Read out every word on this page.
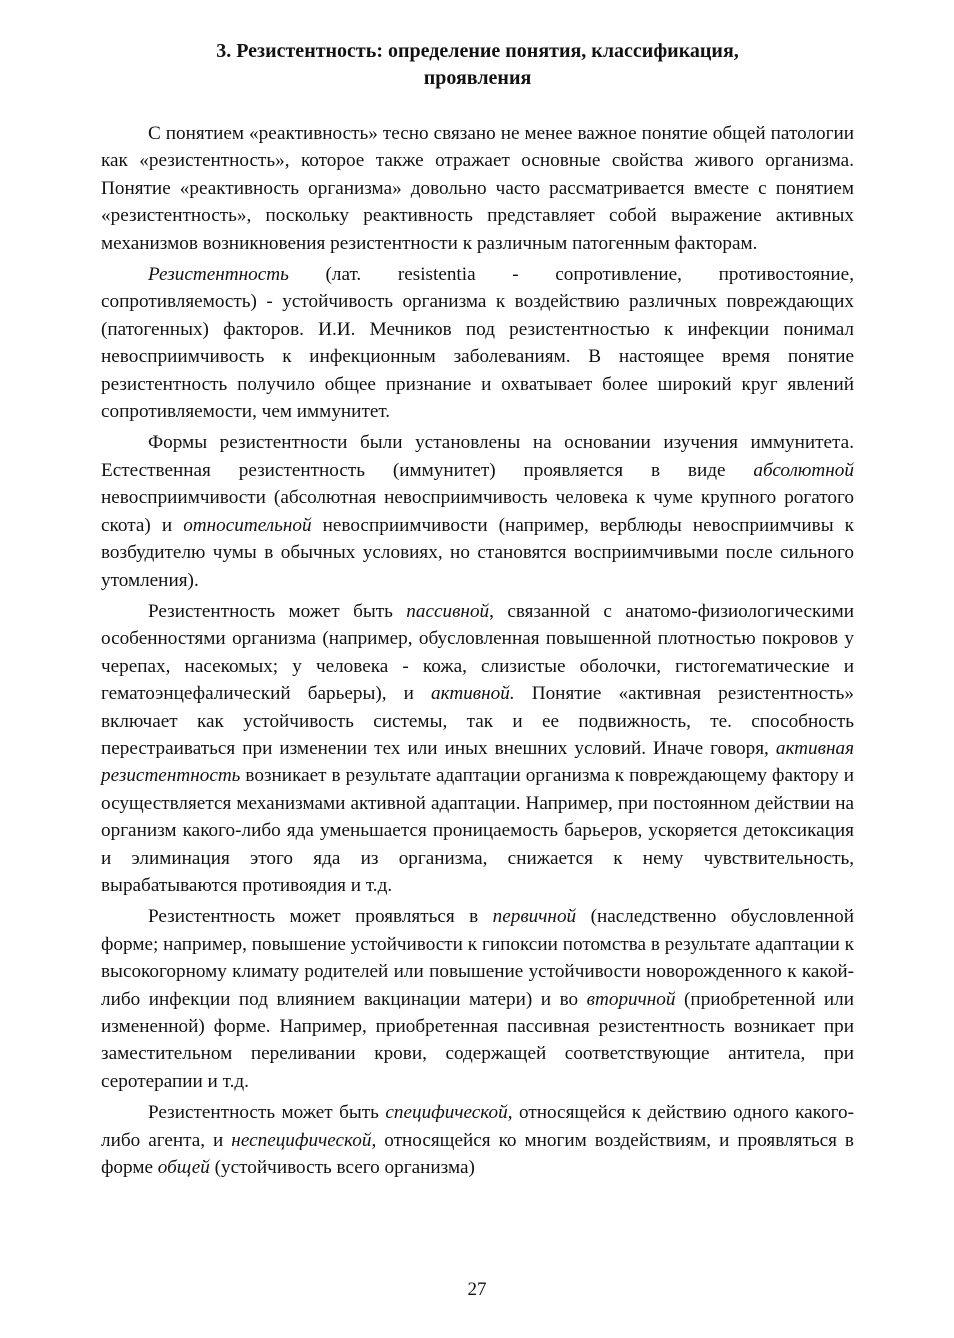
3. Резистентность: определение понятия, классификация,
проявления

С понятием «реактивность» тесно связано не менее важное понятие общей патологии как «резистентность», которое также отражает основные свойства живого организма. Понятие «реактивность организма» довольно часто рассматривается вместе с понятием «резистентность», поскольку реактивность представляет собой выражение активных механизмов возникновения резистентности к различным патогенным факторам.

Резистентность (лат. resistentia - сопротивление, противостояние, сопротивляемость) - устойчивость организма к воздействию различных повреждающих (патогенных) факторов. И.И. Мечников под резистентностью к инфекции понимал невосприимчивость к инфекционным заболеваниям. В настоящее время понятие резистентность получило общее признание и охватывает более широкий круг явлений сопротивляемости, чем иммунитет.

Формы резистентности были установлены на основании изучения иммунитета. Естественная резистентность (иммунитет) проявляется в виде абсолютной невосприимчивости (абсолютная невосприимчивость человека к чуме крупного рогатого скота) и относительной невосприимчивости (например, верблюды невосприимчивы к возбудителю чумы в обычных условиях, но становятся восприимчивыми после сильного утомления).

Резистентность может быть пассивной, связанной с анатомо-физиологическими особенностями организма (например, обусловленная повышенной плотностью покровов у черепах, насекомых; у человека - кожа, слизистые оболочки, гистогематические и гематоэнцефалический барьеры), и активной. Понятие «активная резистентность» включает как устойчивость системы, так и ее подвижность, те. способность перестраиваться при изменении тех или иных внешних условий. Иначе говоря, активная резистентность возникает в результате адаптации организма к повреждающему фактору и осуществляется механизмами активной адаптации. Например, при постоянном действии на организм какого-либо яда уменьшается проницаемость барьеров, ускоряется детоксикация и элиминация этого яда из организма, снижается к нему чувствительность, вырабатываются противоядия и т.д.

Резистентность может проявляться в первичной (наследственно обусловленной форме; например, повышение устойчивости к гипоксии потомства в результате адаптации к высокогорному климату родителей или повышение устойчивости новорожденного к какой-либо инфекции под влиянием вакцинации матери) и во вторичной (приобретенной или измененной) форме. Например, приобретенная пассивная резистентность возникает при заместительном переливании крови, содержащей соответствующие антитела, при серотерапии и т.д.

Резистентность может быть специфической, относящейся к действию одного какого-либо агента, и неспецифической, относящейся ко многим воздействиям, и проявляться в форме общей (устойчивость всего организма)

27
